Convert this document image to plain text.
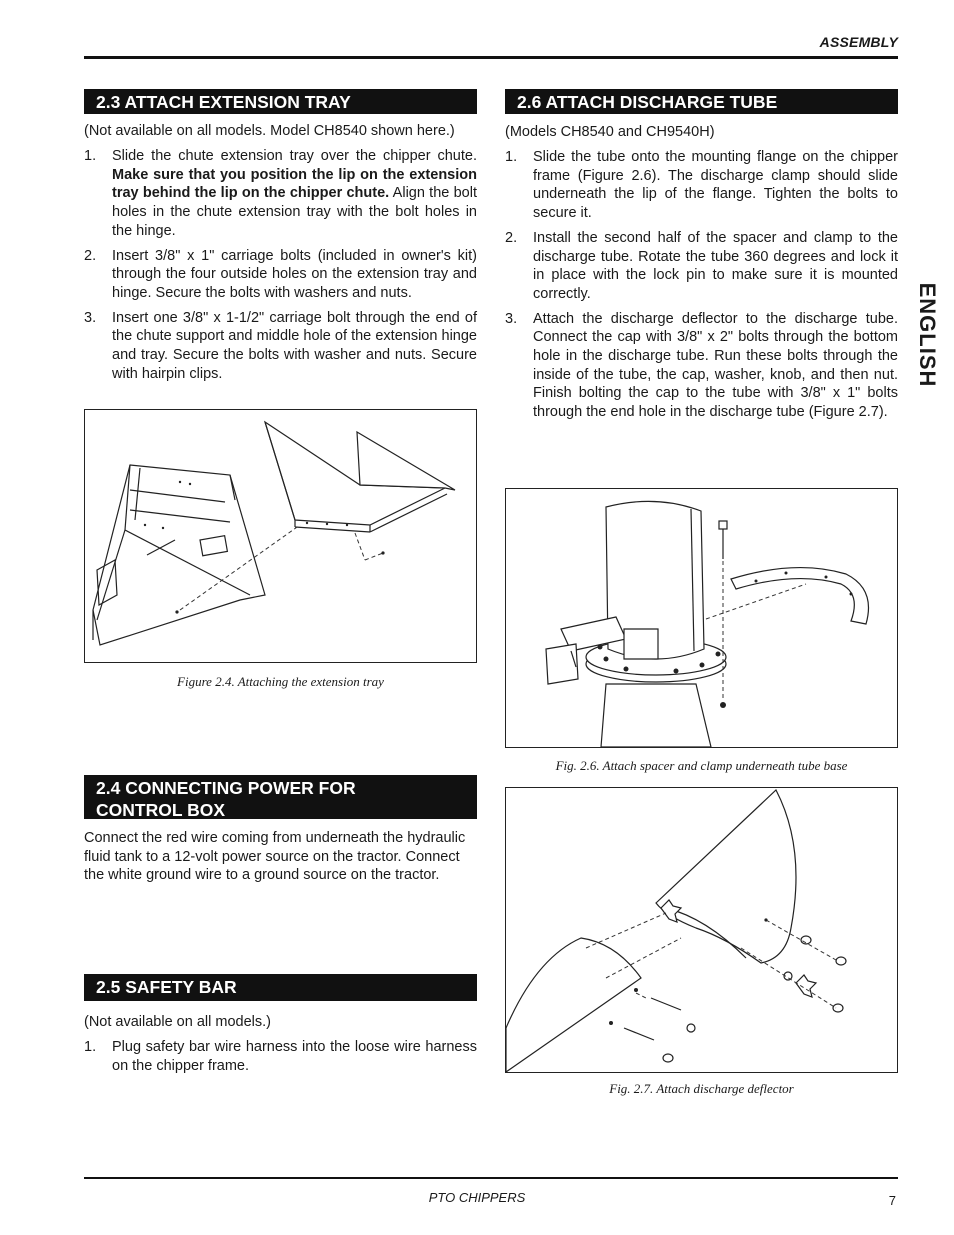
ASSEMBLY
ENGLISH
2.3 ATTACH EXTENSION TRAY
(Not available on all models. Model CH8540 shown here.)
1. Slide the chute extension tray over the chipper chute. Make sure that you position the lip on the extension tray behind the lip on the chipper chute. Align the bolt holes in the chute extension tray with the bolt holes in the hinge.
2. Insert 3/8" x 1" carriage bolts (included in owner's kit) through the four outside holes on the extension tray and hinge. Secure the bolts with washers and nuts.
3. Insert one 3/8" x 1-1/2" carriage bolt through the end of the chute support and middle hole of the extension hinge and tray. Secure the bolts with washer and nuts. Secure with hairpin clips.
Figure 2.4. Attaching the extension tray
2.4 CONNECTING POWER FOR
CONTROL BOX
Connect the red wire coming from underneath the hydraulic fluid tank to a 12-volt power source on the tractor. Connect the white ground wire to a ground source on the tractor.
2.5 SAFETY BAR
(Not available on all models.)
1. Plug safety bar wire harness into the loose wire harness on the chipper frame.
2.6 ATTACH DISCHARGE TUBE
(Models CH8540 and CH9540H)
1. Slide the tube onto the mounting flange on the chipper frame (Figure 2.6). The discharge clamp should slide underneath the lip of the flange. Tighten the bolts to secure it.
2. Install the second half of the spacer and clamp to the discharge tube. Rotate the tube 360 degrees and lock it in place with the lock pin to make sure it is mounted correctly.
3. Attach the discharge deflector to the discharge tube. Connect the cap with 3/8" x 2" bolts through the bottom hole in the discharge tube. Run these bolts through the inside of the tube, the cap, washer, knob, and then nut. Finish bolting the cap to the tube with 3/8" x 1" bolts through the end hole in the discharge tube (Figure 2.7).
Fig. 2.6. Attach spacer and clamp underneath tube base
Fig. 2.7. Attach discharge deflector
PTO CHIPPERS	7
